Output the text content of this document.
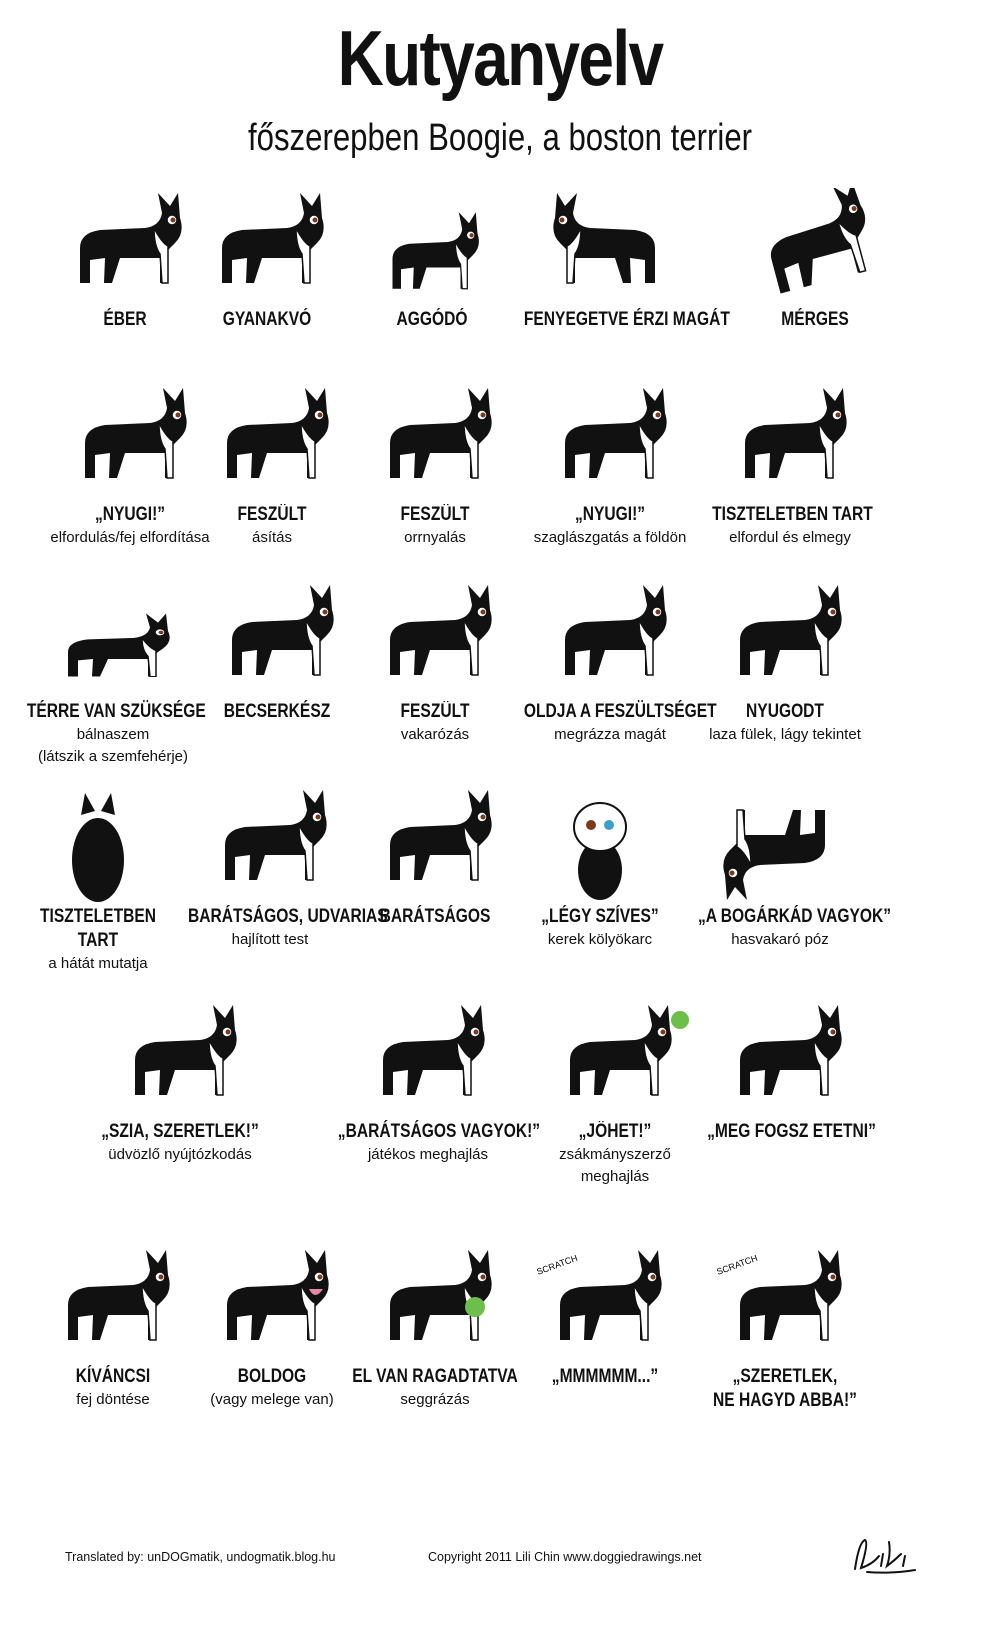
Kutyanyelv
főszerepben Boogie, a boston terrier
ÉBER	GYANAKVÓ	AGGÓDÓ	FENYEGETVE ÉRZI MAGÁT	MÉRGES
„NYUGI!”
elfordulás/fej elfordítása
FESZÜLT
ásítás
FESZÜLT
orrnyalás
„NYUGI!”
szaglászgatás a földön
TISZTELETBEN TART
elfordul és elmegy
TÉRRE VAN SZÜKSÉGE
bálnaszem
(látszik a szemfehérje)
BECSERKÉSZ	FESZÜLT
vakarózás
OLDJA A FESZÜLTSÉGET
megrázza magát
NYUGODT
laza fülek, lágy tekintet
TISZTELETBEN TART
a hátát mutatja
BARÁTSÁGOS, UDVARIAS
hajlított test
BARÁTSÁGOS	„LÉGY SZÍVES”
kerek kölyökarc
„A BOGÁRKÁD VAGYOK”
hasvakaró póz
„SZIA, SZERETLEK!”
üdvözlő nyújtózkodás
„BARÁTSÁGOS VAGYOK!”
játékos meghajlás
„JÖHET!”
zsákmányszerző
meghajlás
„MEG FOGSZ ETETNI”
KÍVÁNCSI
fej döntése
BOLDOG
(vagy melege van)
EL VAN RAGADTATVA
seggrázás
SCRATCH
„MMMMMM...”
SCRATCH
„SZERETLEK,
NE HAGYD ABBA!”
Translated by: unDOGmatik, undogmatik.blog.hu	Copyright 2011 Lili Chin www.doggiedrawings.net
